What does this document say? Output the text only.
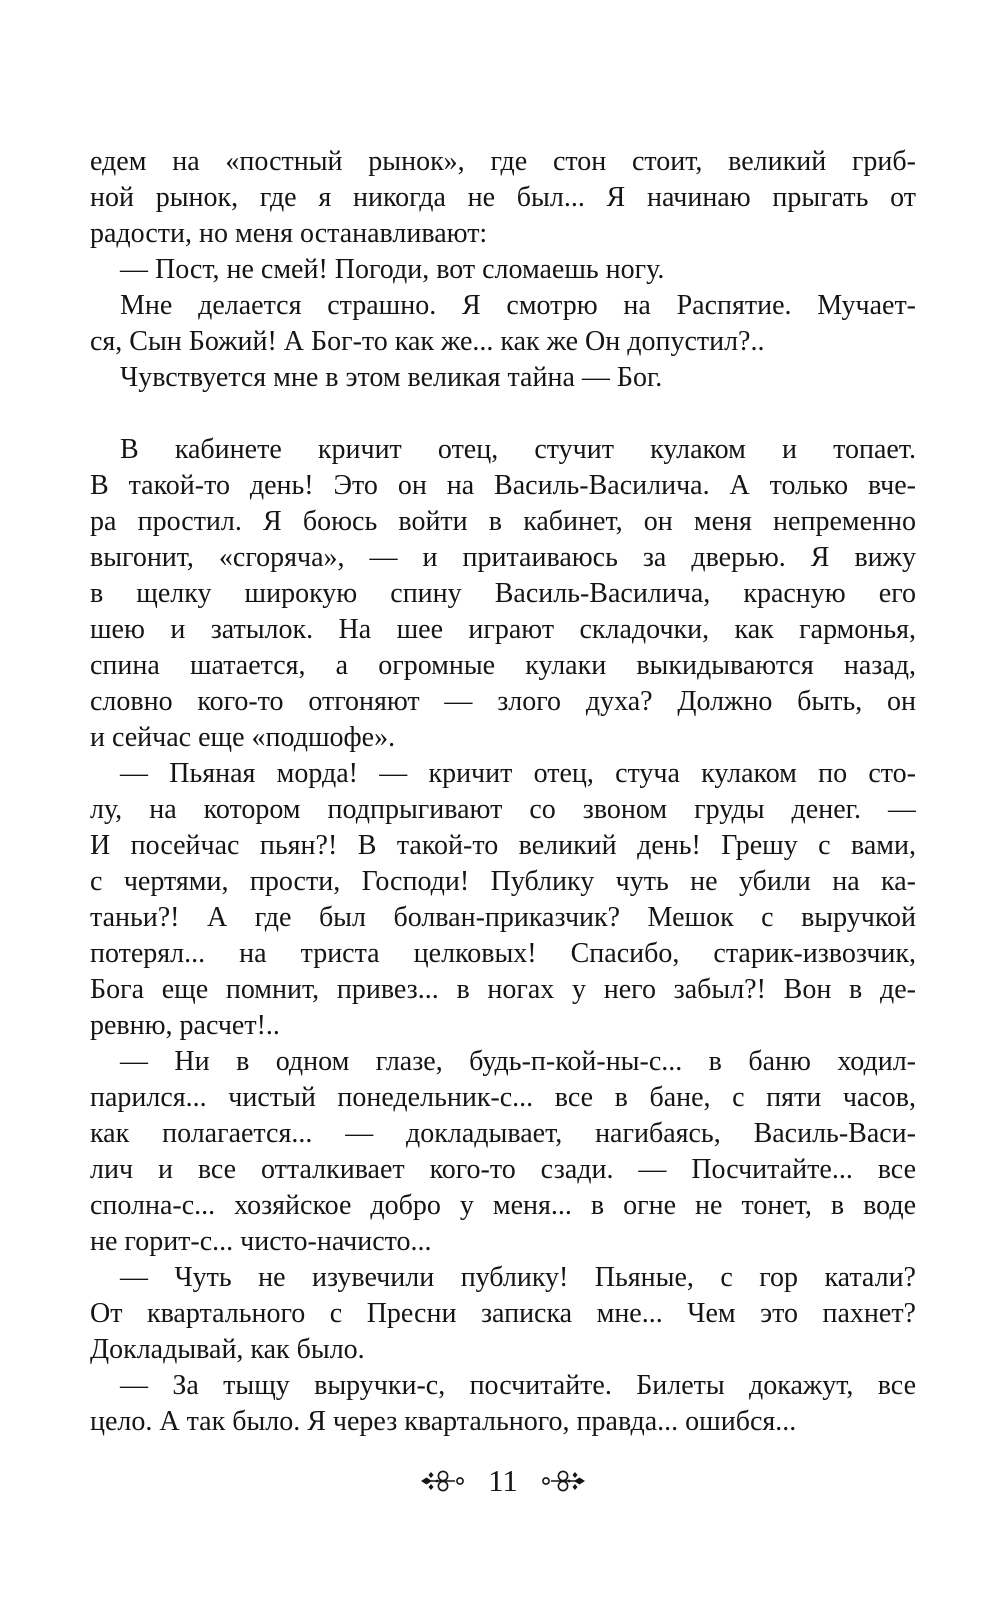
едем на «постный рынок», где стон стоит, великий гриб-
ной рынок, где я никогда не был... Я начинаю прыгать от
радости, но меня останавливают:
— Пост, не смей! Погоди, вот сломаешь ногу.
Мне делается страшно. Я смотрю на Распятие. Мучает-
ся, Сын Божий! А Бог-то как же... как же Он допустил?..
Чувствуется мне в этом великая тайна — Бог.
В кабинете кричит отец, стучит кулаком и топает.
В такой-то день! Это он на Василь-Василича. А только вче-
ра простил. Я боюсь войти в кабинет, он меня непременно
выгонит, «сгоряча», — и притаиваюсь за дверью. Я вижу
в щелку широкую спину Василь-Василича, красную его
шею и затылок. На шее играют складочки, как гармонья,
спина шатается, а огромные кулаки выкидываются назад,
словно кого-то отгоняют — злого духа? Должно быть, он
и сейчас еще «подшофе».
— Пьяная морда! — кричит отец, стуча кулаком по сто-
лу, на котором подпрыгивают со звоном груды денег. —
И посейчас пьян?! В такой-то великий день! Грешу с вами,
с чертями, прости, Господи! Публику чуть не убили на ка-
таньи?! А где был болван-приказчик? Мешок с выручкой
потерял... на триста целковых! Спасибо, старик-извозчик,
Бога еще помнит, привез... в ногах у него забыл?! Вон в де-
ревню, расчет!..
— Ни в одном глазе, будь-п-кой-ны-с... в баню ходил-
парился... чистый понедельник-с... все в бане, с пяти часов,
как полагается... — докладывает, нагибаясь, Василь-Васи-
лич и все отталкивает кого-то сзади. — Посчитайте... все
сполна-с... хозяйское добро у меня... в огне не тонет, в воде
не горит-с... чисто-начисто...
— Чуть не изувечили публику! Пьяные, с гор катали?
От квартального с Пресни записка мне... Чем это пахнет?
Докладывай, как было.
— За тыщу выручки-с, посчитайте. Билеты докажут, все
цело. А так было. Я через квартального, правда... ошибся...
11
